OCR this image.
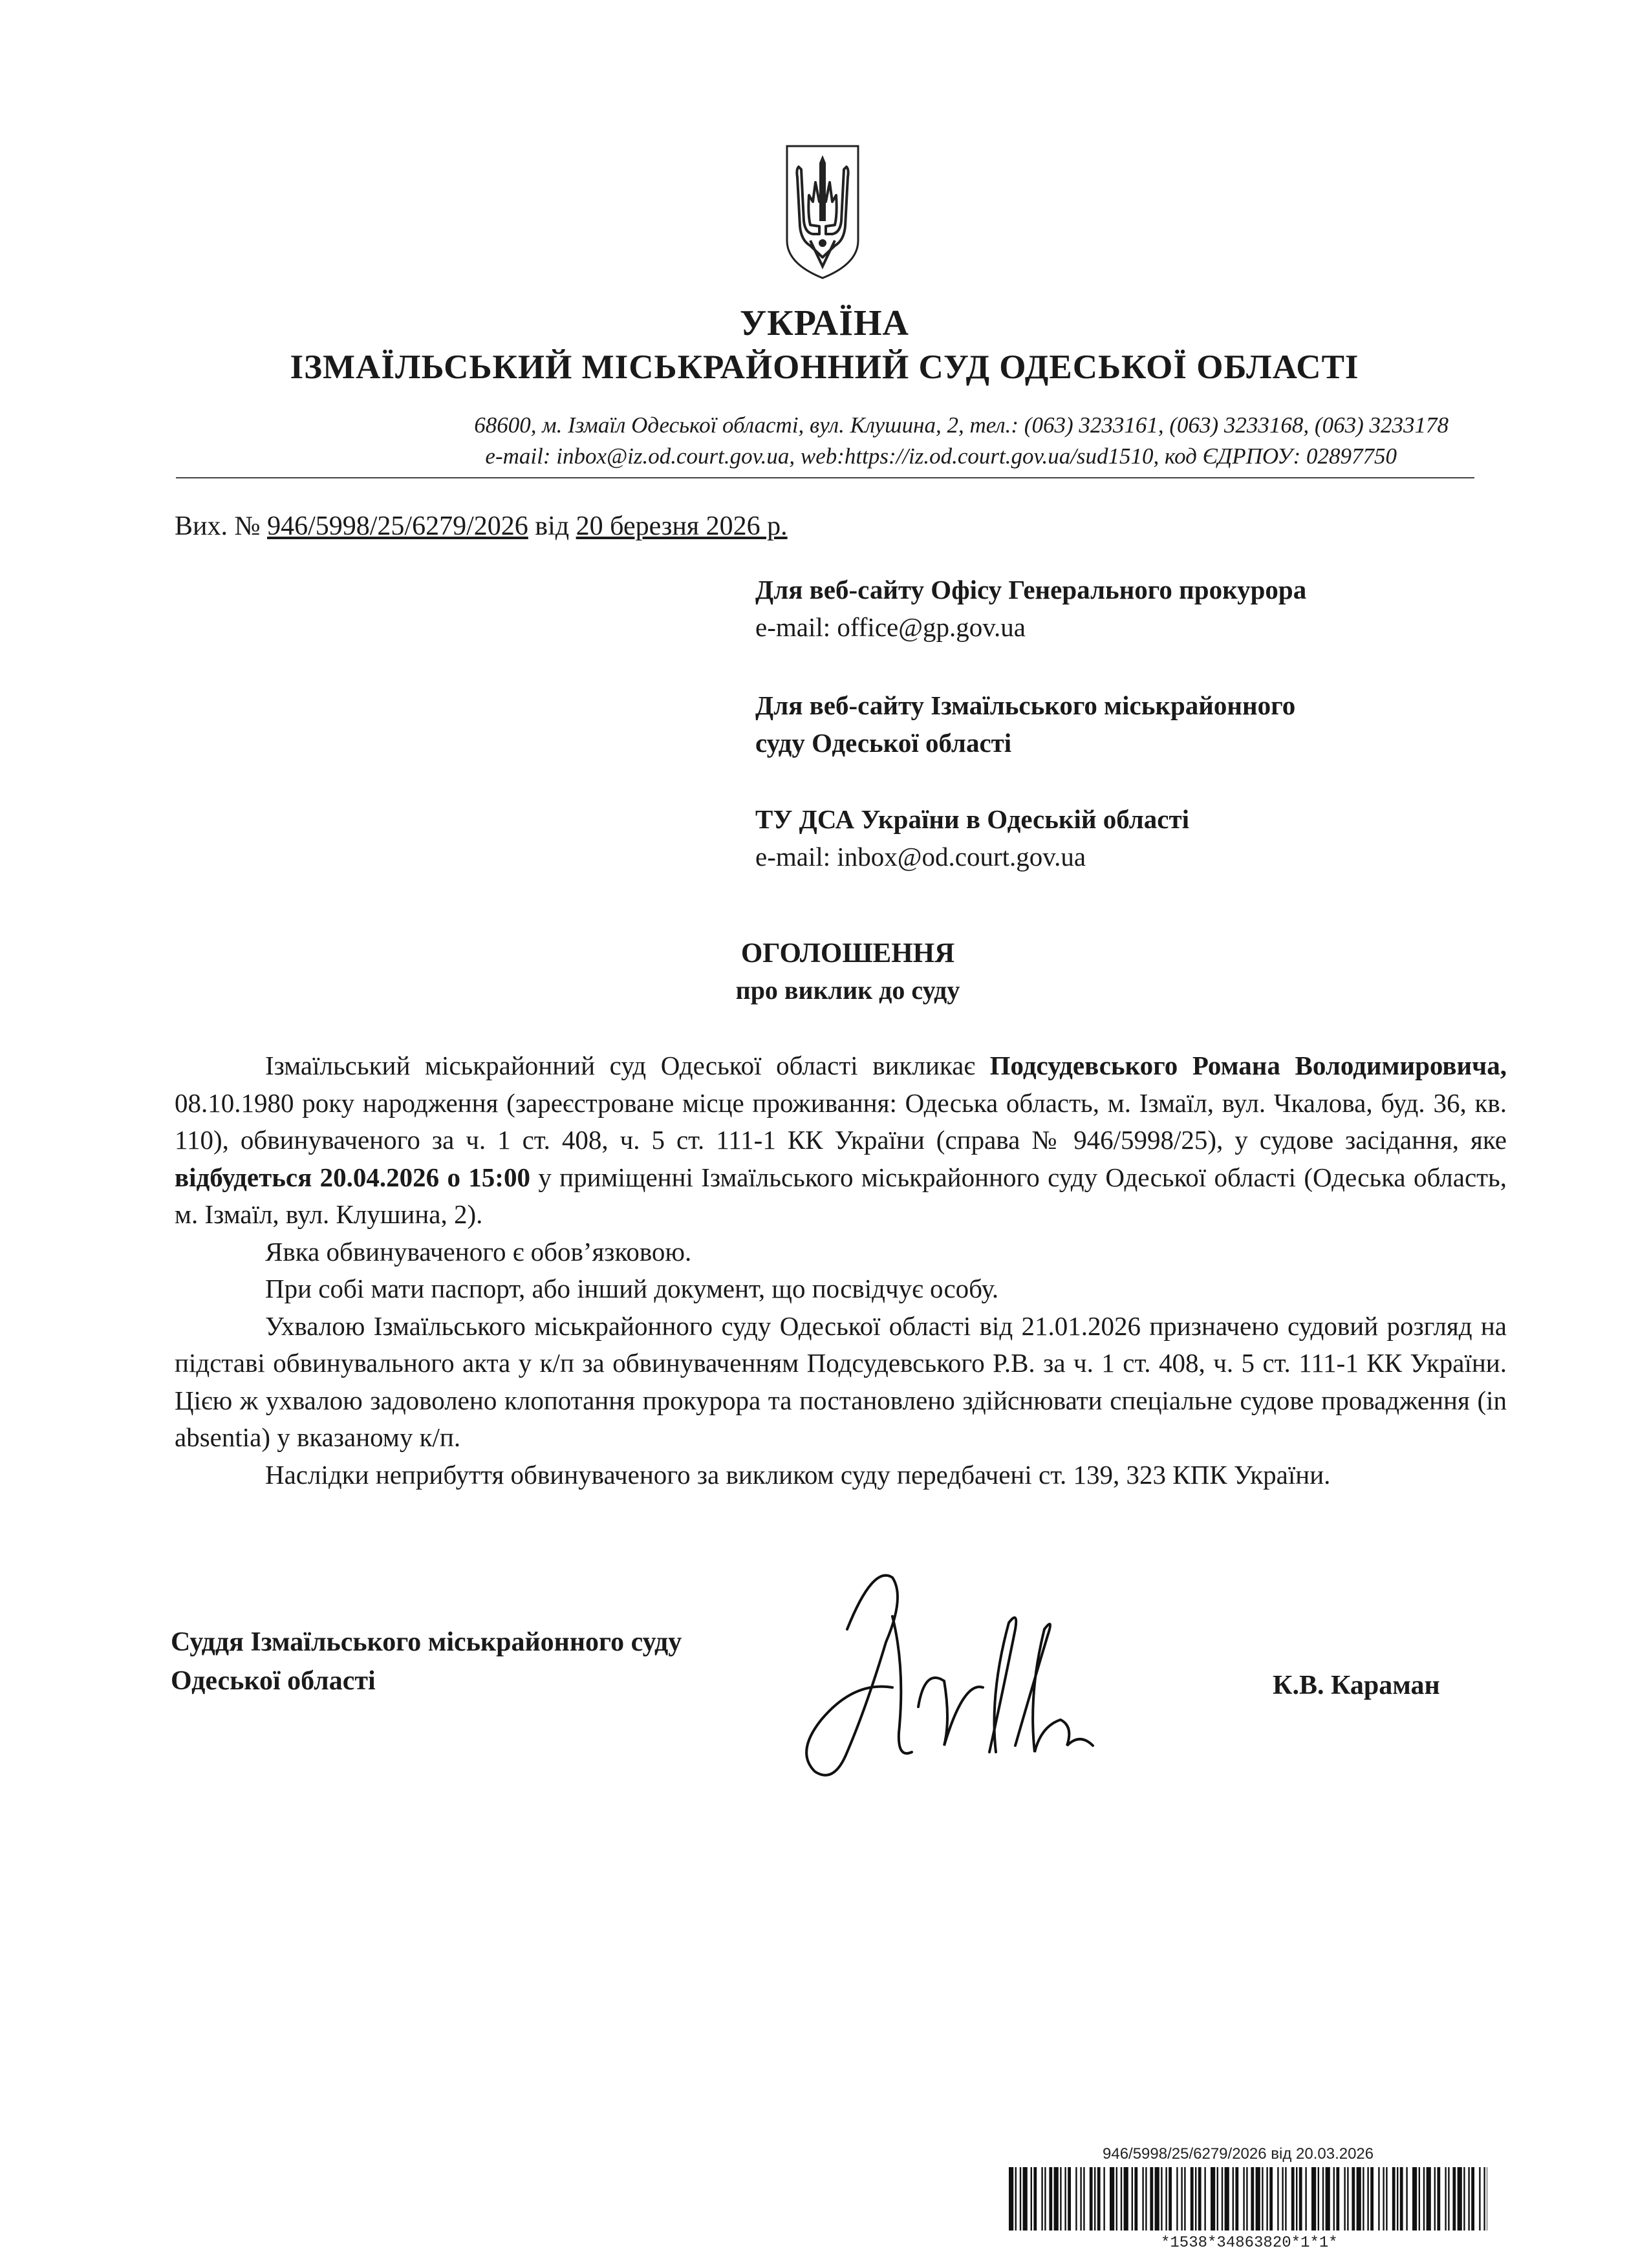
УКРАЇНА
ІЗМАЇЛЬСЬКИЙ МІСЬКРАЙОННИЙ СУД ОДЕСЬКОЇ ОБЛАСТІ
68600, м. Ізмаїл Одеської області, вул. Клушина, 2, тел.: (063) 3233161, (063) 3233168, (063) 3233178
e-mail: inbox@iz.od.court.gov.ua, web:https://iz.od.court.gov.ua/sud1510, код ЄДРПОУ: 02897750
Вих. № 946/5998/25/6279/2026 від 20 березня 2026 р.
Для веб-сайту Офісу Генерального прокурора
e-mail: office@gp.gov.ua
Для веб-сайту Ізмаїльського міськрайонного
суду Одеської області
ТУ ДСА України в Одеській області
e-mail: inbox@od.court.gov.ua
ОГОЛОШЕННЯ
про виклик до суду

Ізмаїльський міськрайонний суд Одеської області викликає Подсудевського Романа Володимировича, 08.10.1980 року народження (зареєстроване місце проживання: Одеська область, м. Ізмаїл, вул. Чкалова, буд. 36, кв. 110), обвинуваченого за ч. 1 ст. 408, ч. 5 ст. 111-1 КК України (справа № 946/5998/25), у судове засідання, яке відбудеться 20.04.2026 о 15:00 у приміщенні Ізмаїльського міськрайонного суду Одеської області (Одеська область, м. Ізмаїл, вул. Клушина, 2).

Явка обвинуваченого є обов’язковою.

При собі мати паспорт, або інший документ, що посвідчує особу.

Ухвалою Ізмаїльського міськрайонного суду Одеської області від 21.01.2026 призначено судовий розгляд на підставі обвинувального акта у к/п за обвинуваченням Подсудевського Р.В. за ч. 1 ст. 408, ч. 5 ст. 111-1 КК України. Цією ж ухвалою задоволено клопотання прокурора та постановлено здійснювати спеціальне судове провадження (in absentia) у вказаному к/п.

Наслідки неприбуття обвинуваченого за викликом суду передбачені ст. 139, 323 КПК України.

Суддя Ізмаїльського міськрайонного суду
Одеської області	К.В. Караман
946/5998/25/6279/2026 від 20.03.2026
*1538*34863820*1*1*
